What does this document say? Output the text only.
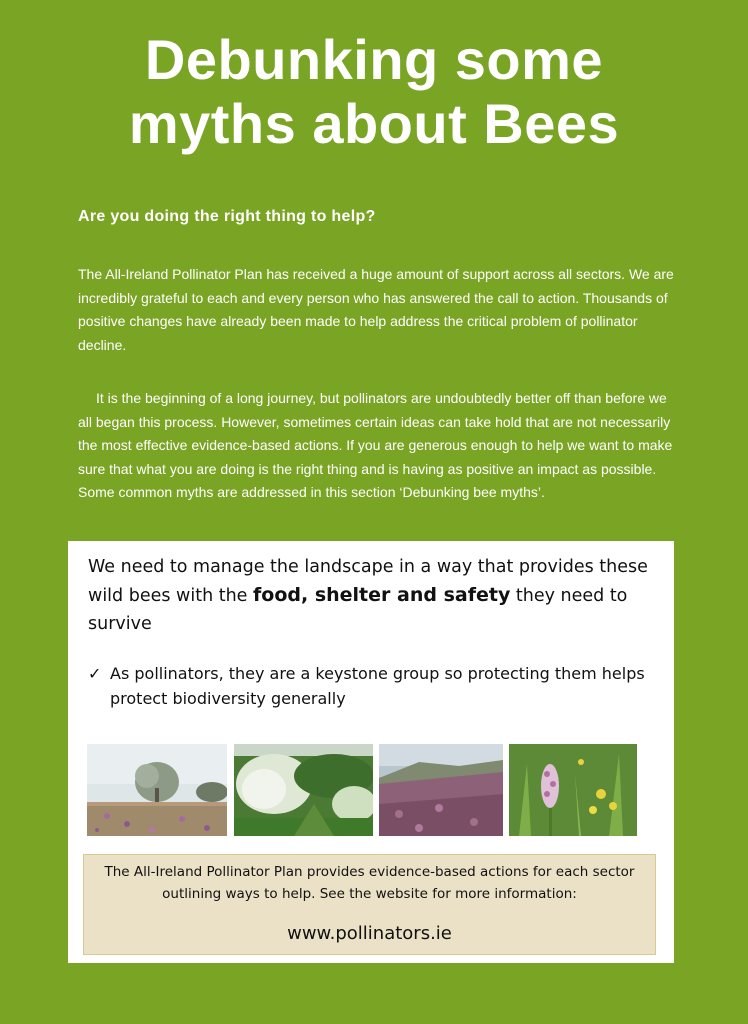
Debunking some
myths about Bees
Are you doing the right thing to help?

The All-Ireland Pollinator Plan has received a huge amount of support across all sectors. We are incredibly grateful to each and every person who has answered the call to action. Thousands of positive changes have already been made to help address the critical problem of pollinator decline.

It is the beginning of a long journey, but pollinators are undoubtedly better off than before we all began this process. However, sometimes certain ideas can take hold that are not necessarily the most effective evidence-based actions. If you are generous enough to help we want to make sure that what you are doing is the right thing and is having as positive an impact as possible. Some common myths are addressed in this section ‘Debunking bee myths’.

We need to manage the landscape in a way that provides these wild bees with the food, shelter and safety they need to survive

✓ As pollinators, they are a keystone group so protecting them helps protect biodiversity generally

The All-Ireland Pollinator Plan provides evidence-based actions for each sector outlining ways to help. See the website for more information:

www.pollinators.ie
